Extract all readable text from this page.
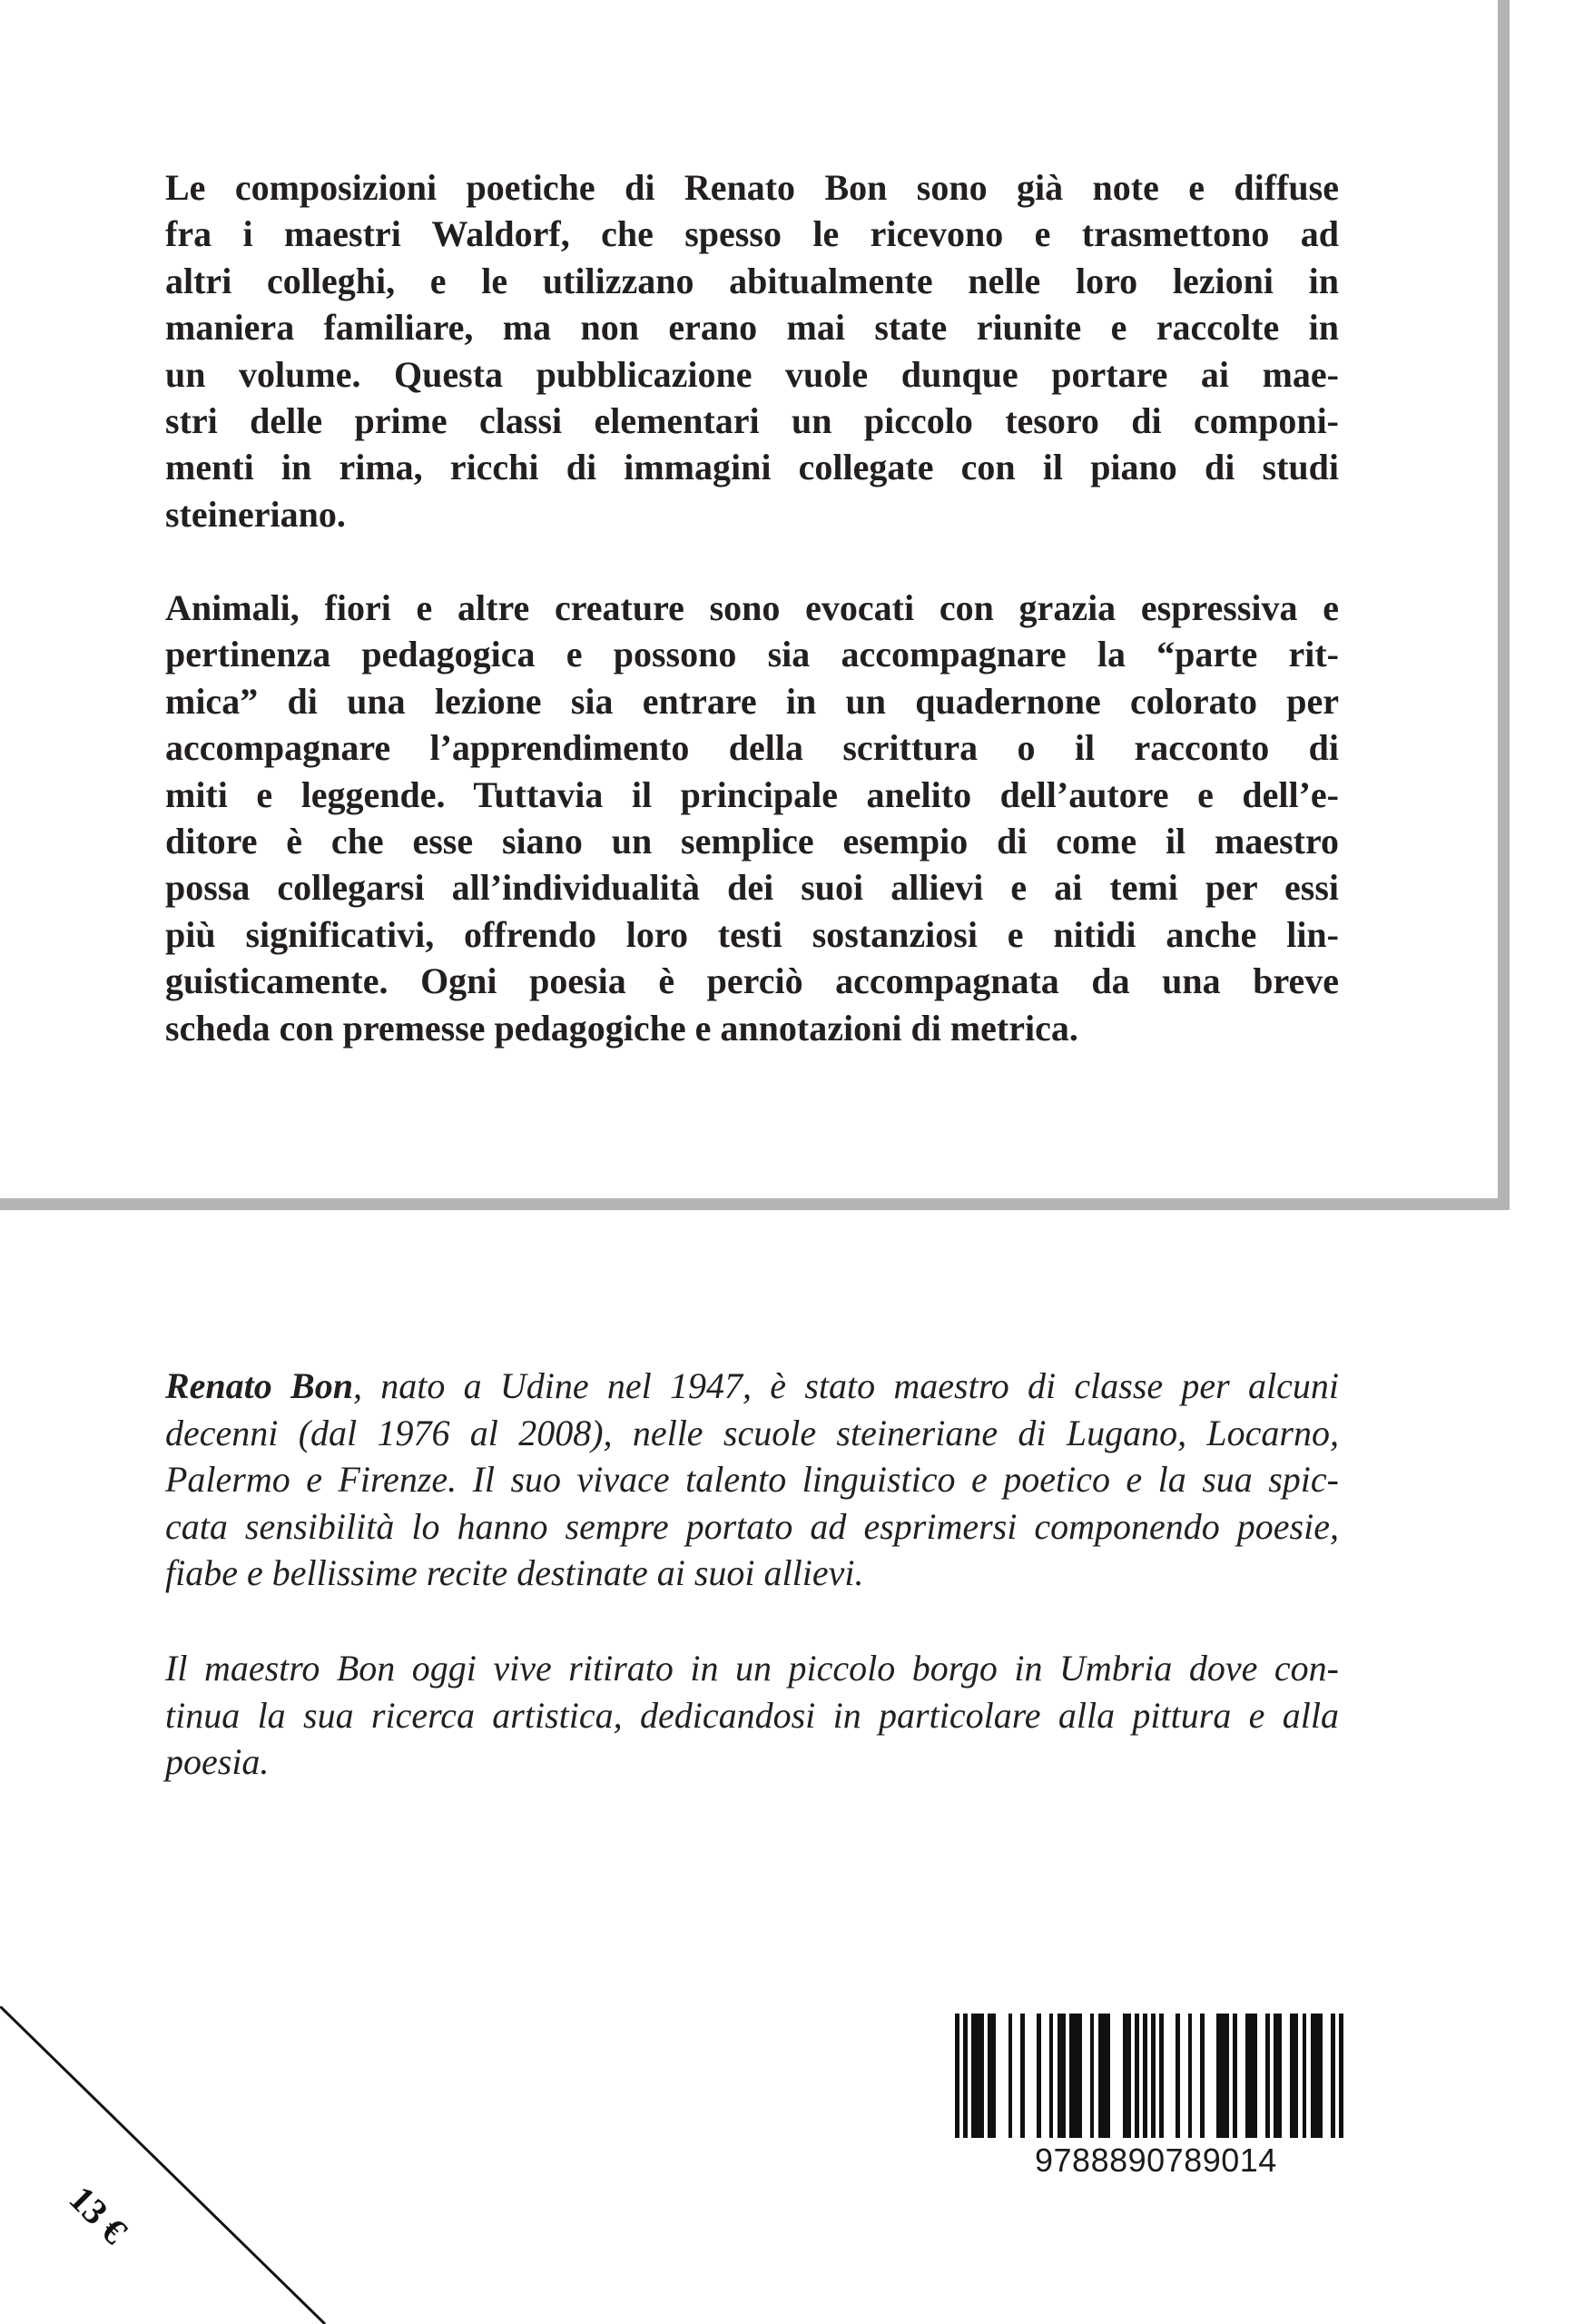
Le composizioni poetiche di Renato Bon sono già note e diffuse
fra i maestri Waldorf, che spesso le ricevono e trasmettono ad
altri colleghi, e le utilizzano abitualmente nelle loro lezioni in
maniera familiare, ma non erano mai state riunite e raccolte in
un volume. Questa pubblicazione vuole dunque portare ai mae-
stri delle prime classi elementari un piccolo tesoro di componi-
menti in rima, ricchi di immagini collegate con il piano di studi
steineriano.
Animali, fiori e altre creature sono evocati con grazia espressiva e
pertinenza pedagogica e possono sia accompagnare la “parte rit-
mica” di una lezione sia entrare in un quadernone colorato per
accompagnare l’apprendimento della scrittura o il racconto di
miti e leggende. Tuttavia il principale anelito dell’autore e dell’e-
ditore è che esse siano un semplice esempio di come il maestro
possa collegarsi all’individualità dei suoi allievi e ai temi per essi
più significativi, offrendo loro testi sostanziosi e nitidi anche lin-
guisticamente. Ogni poesia è perciò accompagnata da una breve
scheda con premesse pedagogiche e annotazioni di metrica.
Renato Bon, nato a Udine nel 1947, è stato maestro di classe per alcuni
decenni (dal 1976 al 2008), nelle scuole steineriane di Lugano, Locarno,
Palermo e Firenze. Il suo vivace talento linguistico e poetico e la sua spic-
cata sensibilità lo hanno sempre portato ad esprimersi componendo poesie,
fiabe e bellissime recite destinate ai suoi allievi.
Il maestro Bon oggi vive ritirato in un piccolo borgo in Umbria dove con-
tinua la sua ricerca artistica, dedicandosi in particolare alla pittura e alla
poesia.
9788890789014
13 €
